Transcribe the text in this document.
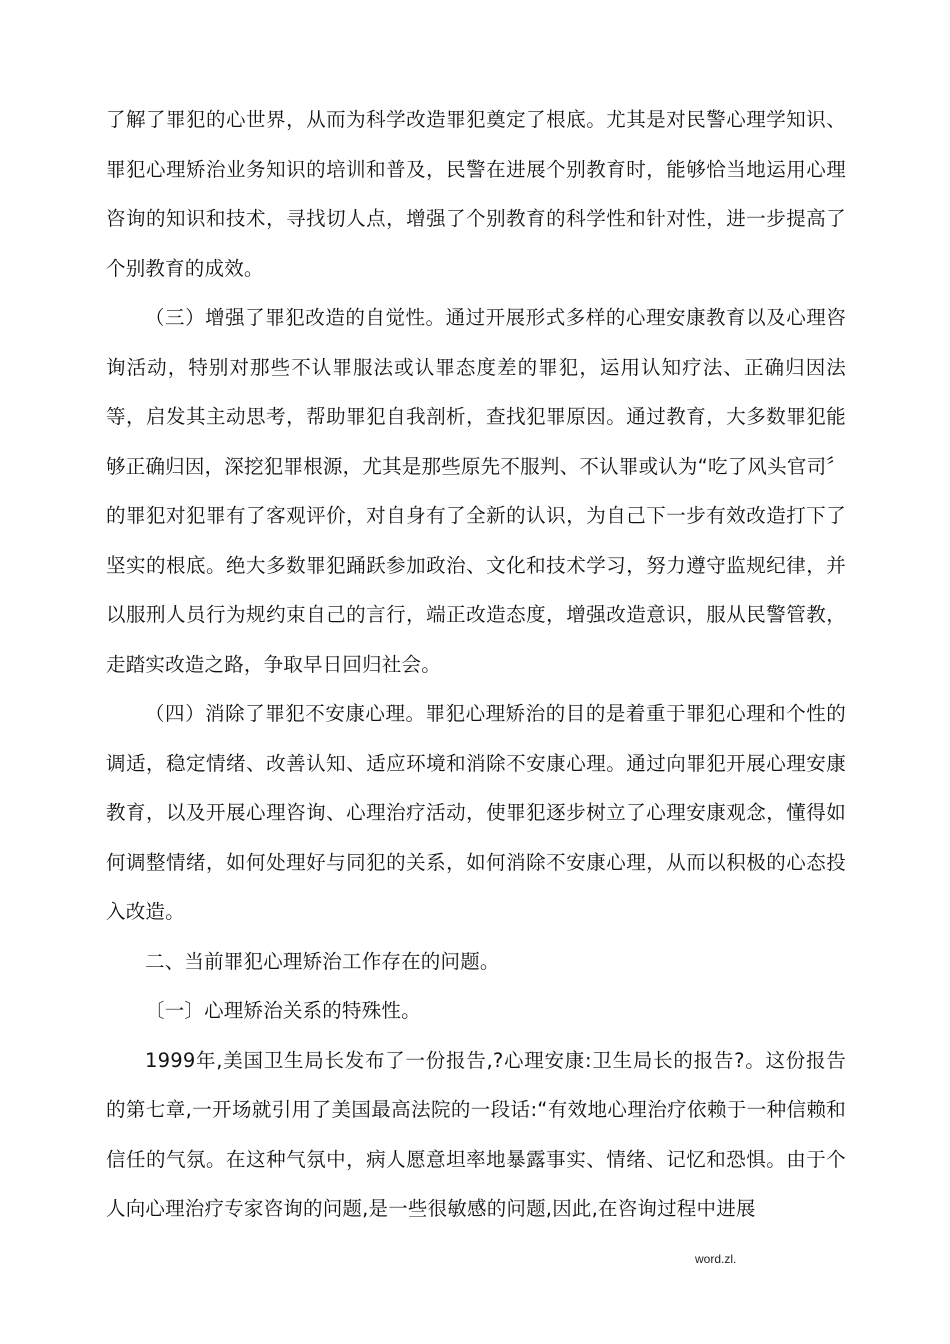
了解了罪犯的心世界，从而为科学改造罪犯奠定了根底。尤其是对民警心理学知识、罪犯心理矫治业务知识的培训和普及，民警在进展个别教育时，能够恰当地运用心理咨询的知识和技术，寻找切人点，增强了个别教育的科学性和针对性，进一步提高了个别教育的成效。

（三）增强了罪犯改造的自觉性。通过开展形式多样的心理安康教育以及心理咨询活动，特别对那些不认罪服法或认罪态度差的罪犯，运用认知疗法、正确归因法等，启发其主动思考，帮助罪犯自我剖析，查找犯罪原因。通过教育，大多数罪犯能够正确归因，深挖犯罪根源，尤其是那些原先不服判、不认罪或认为“吃了风头官司〞的罪犯对犯罪有了客观评价，对自身有了全新的认识，为自己下一步有效改造打下了坚实的根底。绝大多数罪犯踊跃参加政治、文化和技术学习，努力遵守监规纪律，并以服刑人员行为规约束自己的言行，端正改造态度，增强改造意识，服从民警管教，走踏实改造之路，争取早日回归社会。

（四）消除了罪犯不安康心理。罪犯心理矫治的目的是着重于罪犯心理和个性的调适，稳定情绪、改善认知、适应环境和消除不安康心理。通过向罪犯开展心理安康教育，以及开展心理咨询、心理治疗活动，使罪犯逐步树立了心理安康观念，懂得如何调整情绪，如何处理好与同犯的关系，如何消除不安康心理，从而以积极的心态投入改造。

二、当前罪犯心理矫治工作存在的问题。

〔一〕心理矫治关系的特殊性。

1999年,美国卫生局长发布了一份报告,?心理安康:卫生局长的报告?。这份报告的第七章,一开场就引用了美国最高法院的一段话:“有效地心理治疗依赖于一种信赖和信任的气氛。在这种气氛中，病人愿意坦率地暴露事实、情绪、记忆和恐惧。由于个人向心理治疗专家咨询的问题,是一些很敏感的问题,因此,在咨询过程中进展

word.zl.
